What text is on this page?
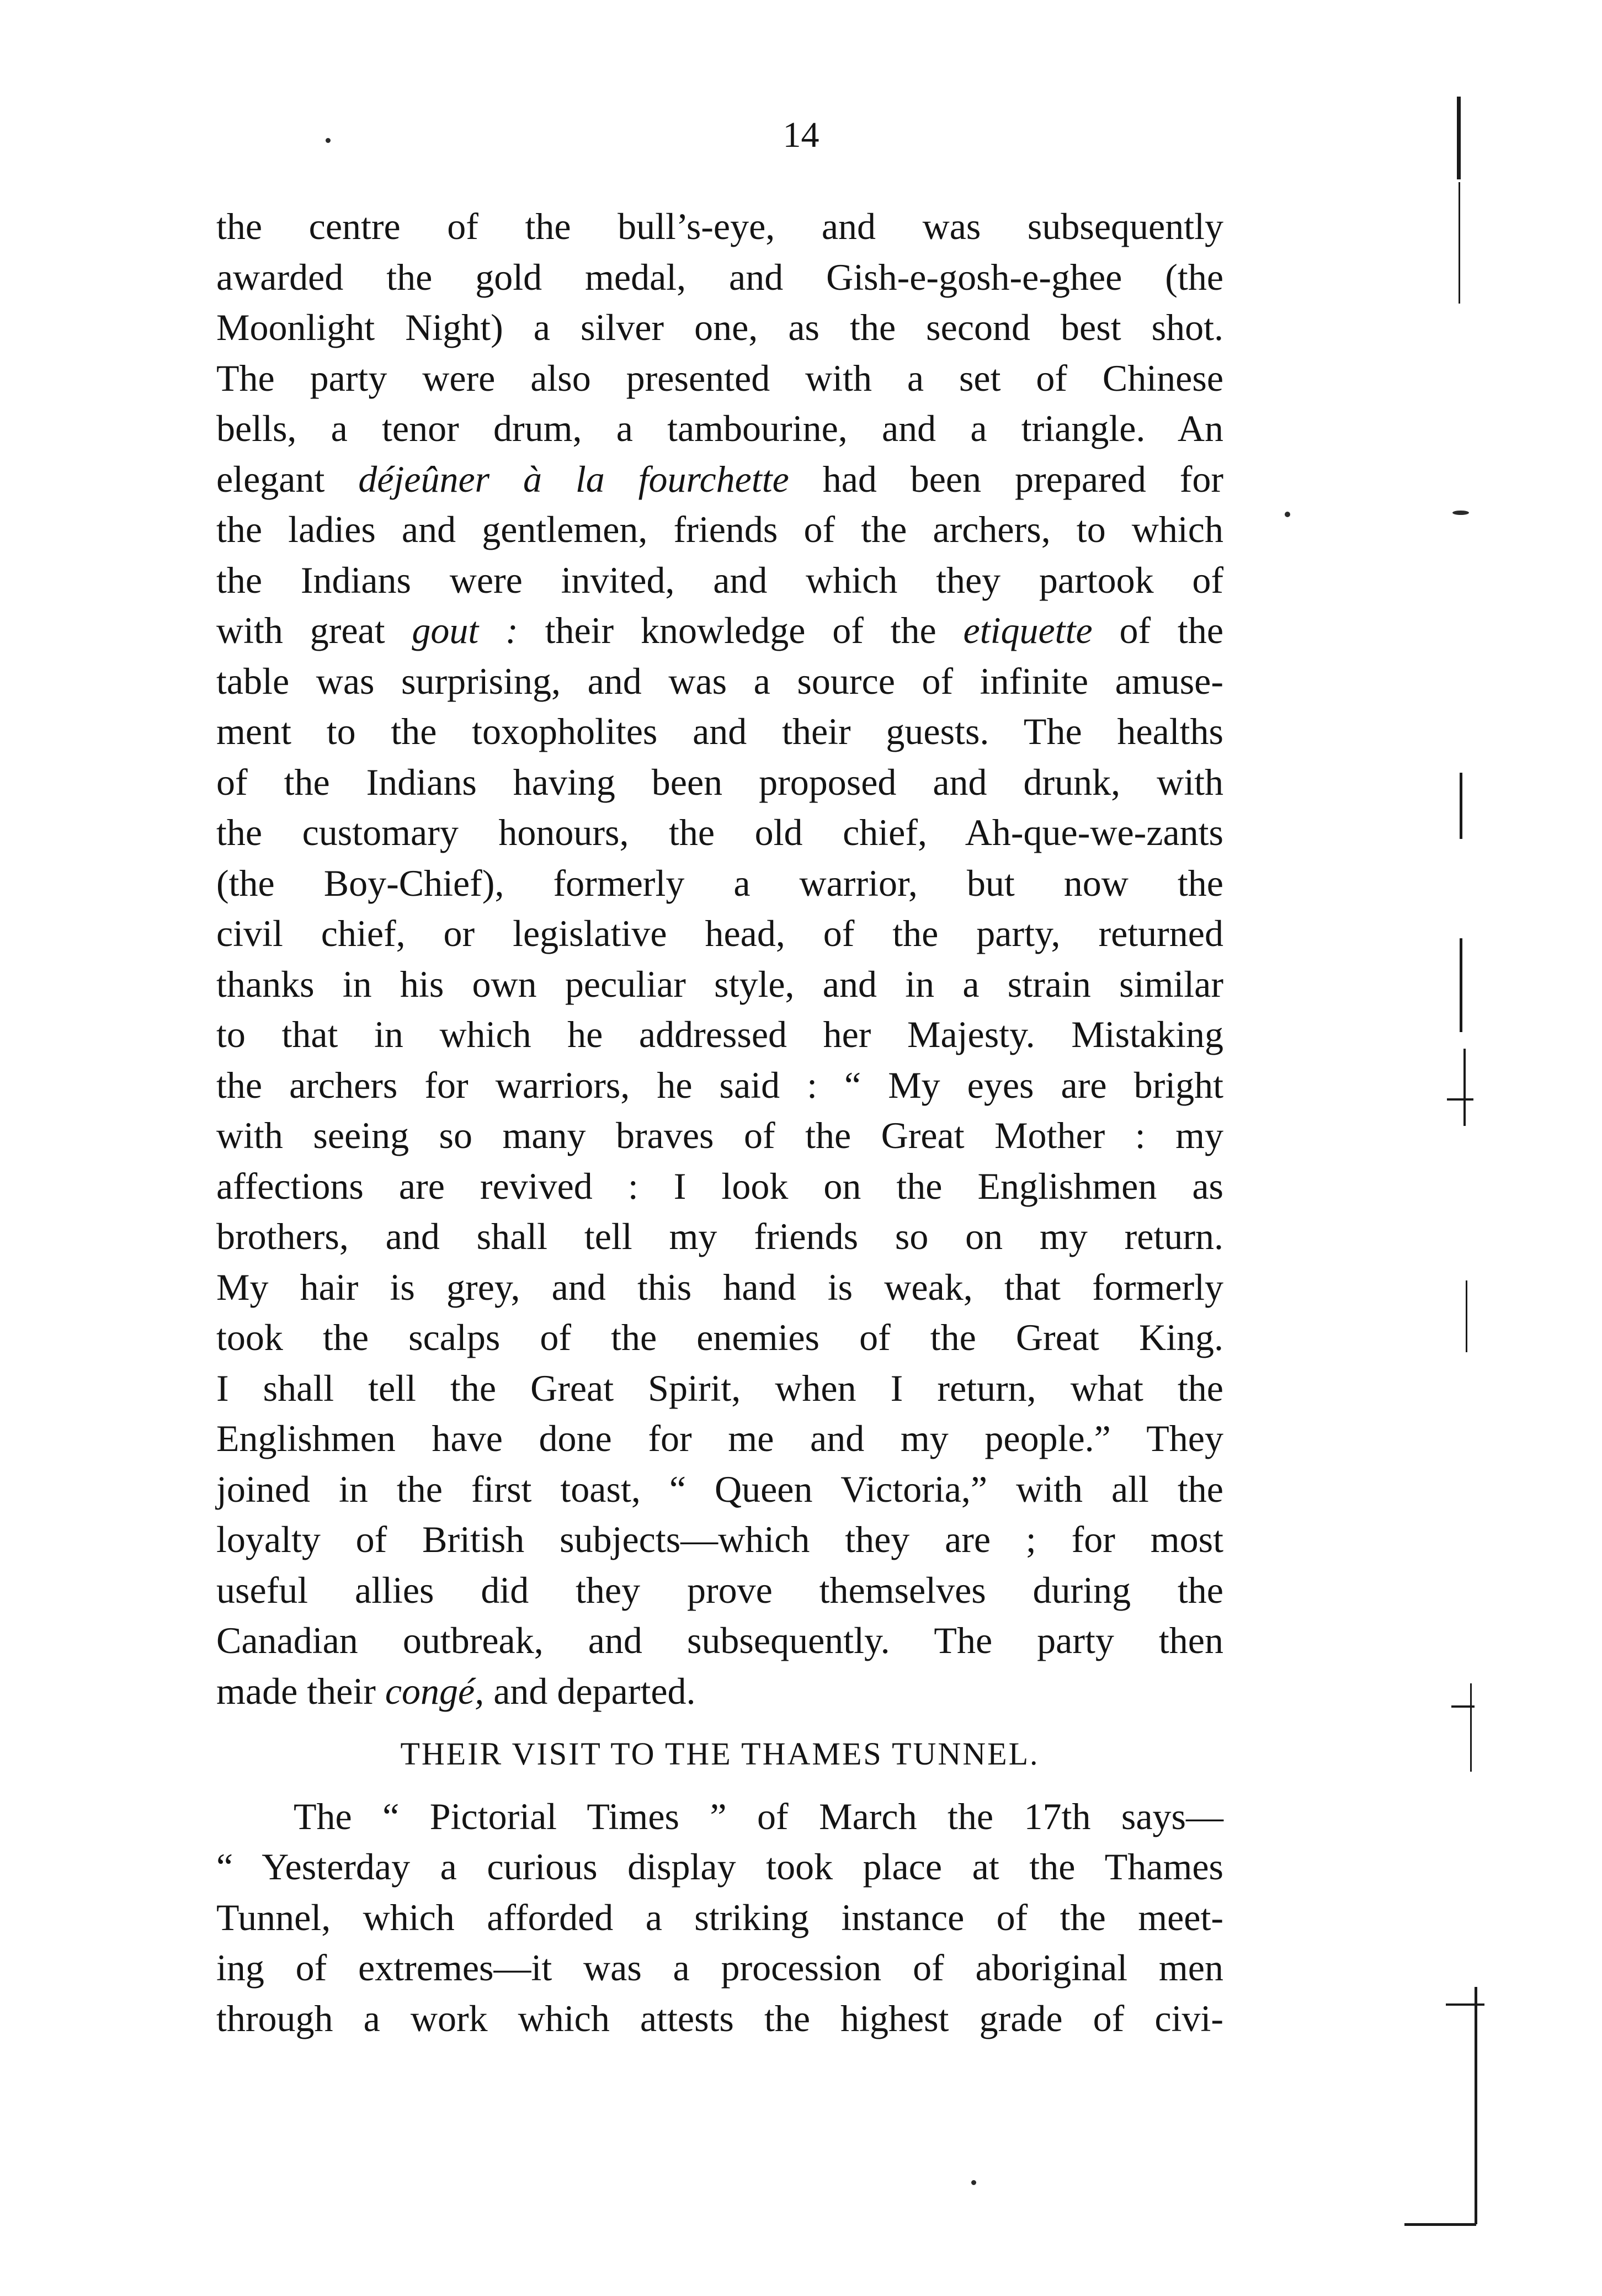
14
the centre of the bull’s-eye, and was subsequently
awarded the gold medal, and Gish-e-gosh-e-ghee (the
Moonlight Night) a silver one, as the second best shot.
The party were also presented with a set of Chinese
bells, a tenor drum, a tambourine, and a triangle. An
elegant déjeûner à la fourchette had been prepared for
the ladies and gentlemen, friends of the archers, to which
the Indians were invited, and which they partook of
with great gout : their knowledge of the etiquette of the
table was surprising, and was a source of infinite amuse-
ment to the toxopholites and their guests. The healths
of the Indians having been proposed and drunk, with
the customary honours, the old chief, Ah-que-we-zants
(the Boy-Chief), formerly a warrior, but now the
civil chief, or legislative head, of the party, returned
thanks in his own peculiar style, and in a strain similar
to that in which he addressed her Majesty. Mistaking
the archers for warriors, he said : “ My eyes are bright
with seeing so many braves of the Great Mother : my
affections are revived : I look on the Englishmen as
brothers, and shall tell my friends so on my return.
My hair is grey, and this hand is weak, that formerly
took the scalps of the enemies of the Great King.
I shall tell the Great Spirit, when I return, what the
Englishmen have done for me and my people.” They
joined in the first toast, “ Queen Victoria,” with all the
loyalty of British subjects—which they are ; for most
useful allies did they prove themselves during the
Canadian outbreak, and subsequently. The party then
made their congé, and departed.
THEIR VISIT TO THE THAMES TUNNEL.
The “ Pictorial Times ” of March the 17th says—
“ Yesterday a curious display took place at the Thames
Tunnel, which afforded a striking instance of the meet-
ing of extremes—it was a procession of aboriginal men
through a work which attests the highest grade of civi-
